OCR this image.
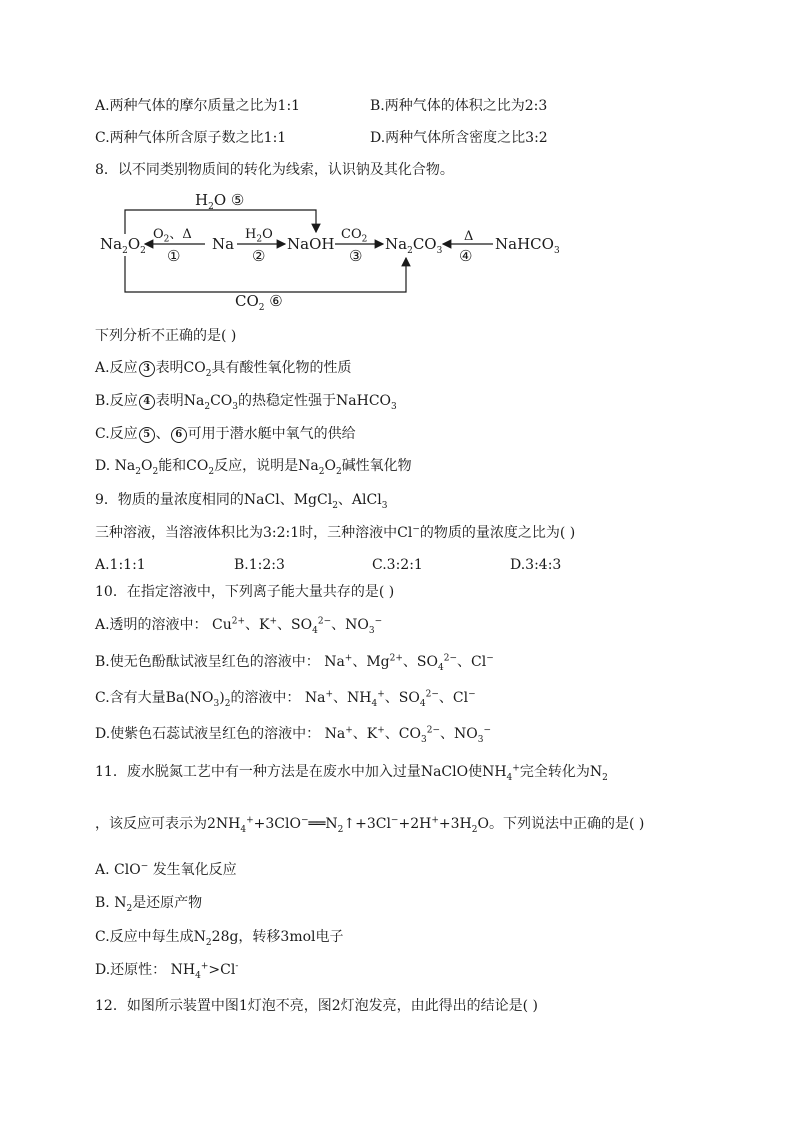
A.两种气体的摩尔质量之比为1:1	B.两种气体的体积之比为2:3
C.两种气体所含原子数之比1:1	D.两种气体所含密度之比3:2
8．以不同类别物质间的转化为线索，认识钠及其化合物。
$Na_2O_2$	Na	NaOH	$Na_2CO_3$	NaHCO$_3$
$H_2O$ ⑤
$O_2$、Δ
①
$H_2O$
②
$CO_2$
③
Δ
④
$CO_2$ ⑥
下列分析不正确的是( )
A.反应 3 表明$CO_2$具有酸性氧化物的性质
B.反应 4 表明$Na_2CO_3$的热稳定性强于NaHCO$_3$
C.反应 5 、 6 可用于潜水艇中氧气的供给
D. $Na_2O_2$能和$CO_2$反应，说明是$Na_2O_2$碱性氧化物
9．物质的量浓度相同的NaCl、MgCl$_2$、AlCl$_3$
三种溶液，当溶液体积比为3:2:1时，三种溶液中Cl−的物质的量浓度之比为( )
A.1:1:1	B.1:2:3	C.3:2:1	D.3:4:3
10．在指定溶液中，下列离子能大量共存的是( )
A.透明的溶液中： $Cu^{2+}$、K+、$SO_4^{2-}$、$NO_3^-$
B.使无色酚酞试液呈红色的溶液中： Na+、$Mg^{2+}$、$SO_4^{2-}$、Cl−
C.含有大量$Ba(NO_3)_2$的溶液中： Na+、$NH_4^+$、$SO_4^{2-}$、Cl−
D.使紫色石蕊试液呈红色的溶液中： Na+、K+、$CO_3^{2-}$、$NO_3^-$
11．废水脱氮工艺中有一种方法是在废水中加入过量NaClO使$NH_4^+$完全转化为$N_2$
，该反应可表示为$2NH_4^++3ClO^-══N_2↑+3Cl^-+2H^++3H_2O$。下列说法中正确的是( )
A. ClO− 发生氧化反应
B. $N_2$是还原产物
C.反应中每生成$N_228g$，转移3mol电子
D.还原性： $NH_4^+>Cl^-$
12．如图所示装置中图1灯泡不亮，图2灯泡发亮，由此得出的结论是( )
